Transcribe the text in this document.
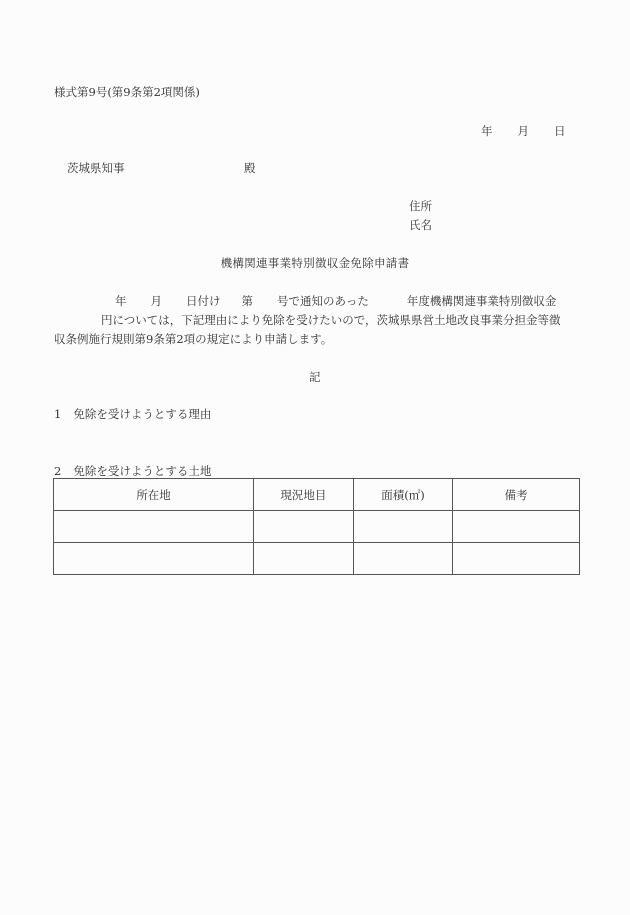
様式第9号(第9条第2項関係)
年 月 日
茨城県知事	殿
住所
氏名
機構関連事業特別徴収金免除申請書
年 月 日付け 第 号で通知のあった	年度機構関連事業特別徴収金
円については，下記理由により免除を受けたいので，茨城県県営土地改良事業分担金等徴
収条例施行規則第9条第2項の規定により申請します。
記
1 免除を受けようとする理由
2 免除を受けようとする土地
所在地	現況地目	面積(㎡)	備考
